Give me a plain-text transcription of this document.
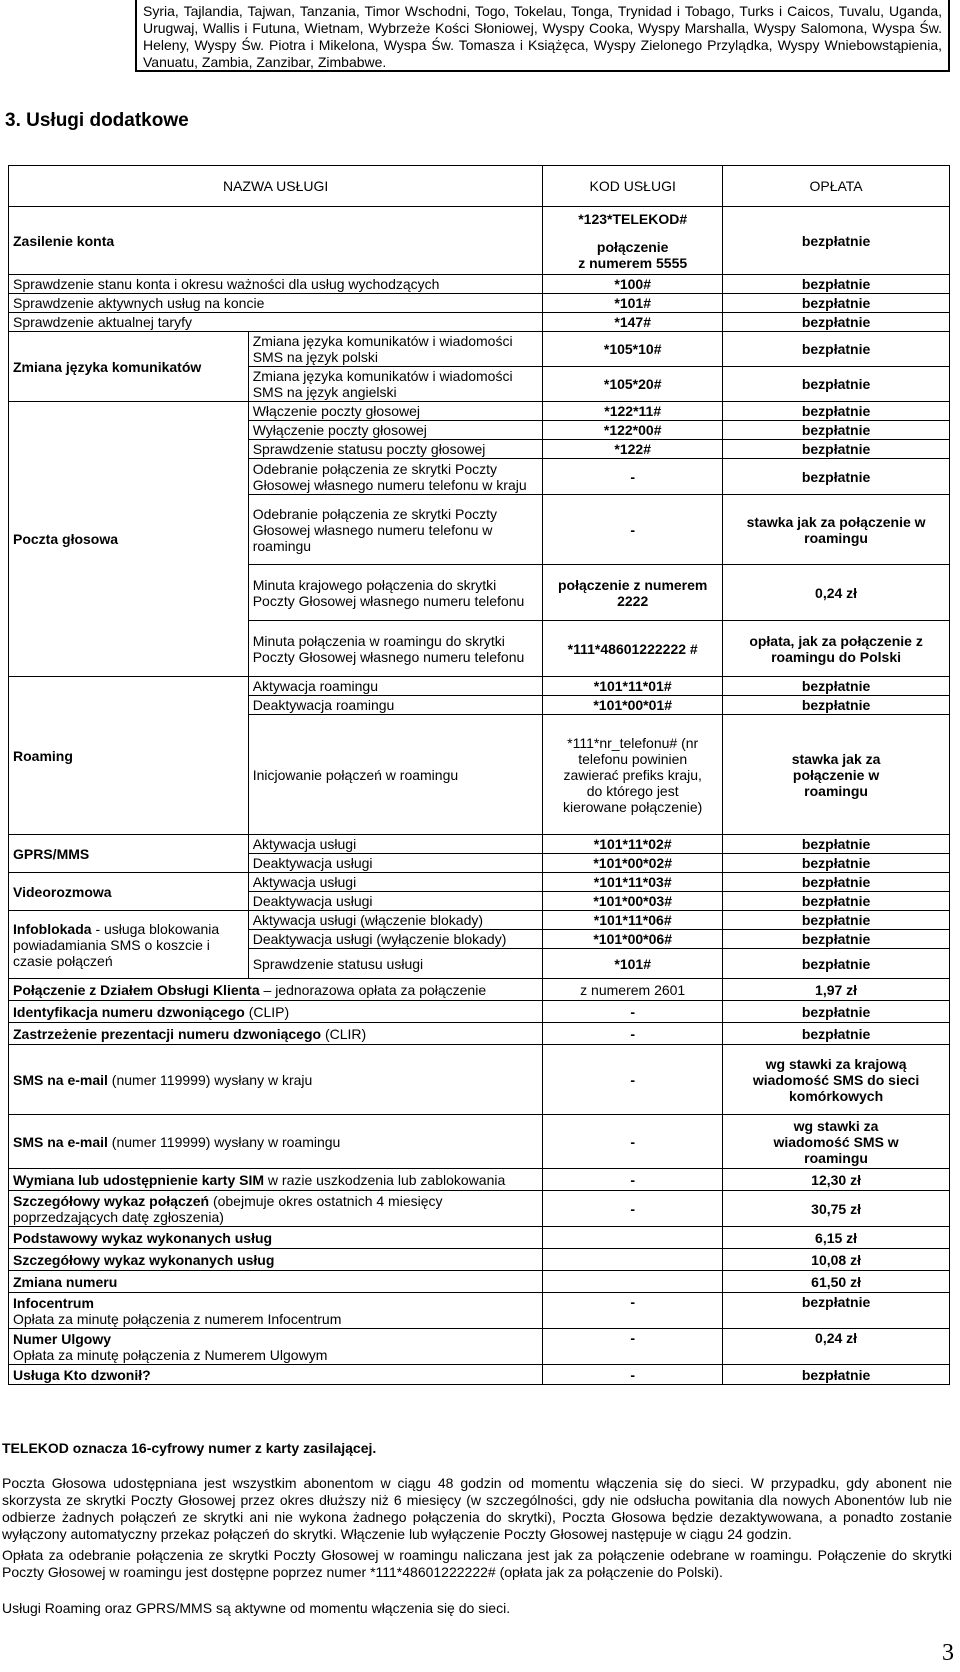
Syria, Tajlandia, Tajwan, Tanzania, Timor Wschodni, Togo, Tokelau, Tonga, Trynidad i Tobago, Turks i Caicos, Tuvalu, Uganda, Urugwaj, Wallis i Futuna, Wietnam, Wybrzeże Kości Słoniowej, Wyspy Cooka, Wyspy Marshalla, Wyspy Salomona, Wyspa Św. Heleny, Wyspy Św. Piotra i Mikelona, Wyspa Św. Tomasza i Książęca, Wyspy Zielonego Przylądka, Wyspy Wniebowstąpienia, Vanuatu, Zambia, Zanzibar, Zimbabwe.
3. Usługi dodatkowe
NAZWA USŁUGI		KOD USŁUGI	OPŁATA
Zasilenie konta		*123*TELEKOD#
połączenie
z numerem 5555	bezpłatnie
Sprawdzenie stanu konta i okresu ważności dla usług wychodzących		*100#	bezpłatnie
Sprawdzenie aktywnych usług na koncie		*101#	bezpłatnie
Sprawdzenie aktualnej taryfy		*147#	bezpłatnie
Zmiana języka komunikatów	Zmiana języka komunikatów i wiadomości SMS na język polski	*105*10#	bezpłatnie
	Zmiana języka komunikatów i wiadomości SMS na język angielski	*105*20#	bezpłatnie
Poczta głosowa	Włączenie poczty głosowej	*122*11#	bezpłatnie
	Wyłączenie poczty głosowej	*122*00#	bezpłatnie
	Sprawdzenie statusu poczty głosowej	*122#	bezpłatnie
	Odebranie połączenia ze skrytki Poczty Głosowej własnego numeru telefonu w kraju	-	bezpłatnie
	Odebranie połączenia ze skrytki Poczty Głosowej własnego numeru telefonu w roamingu	-	stawka jak za połączenie w roamingu
	Minuta krajowego połączenia do skrytki Poczty Głosowej własnego numeru telefonu	połączenie z numerem 2222	0,24 zł
	Minuta połączenia w roamingu do skrytki Poczty Głosowej własnego numeru telefonu	*111*48601222222 #	opłata, jak za połączenie z roamingu do Polski
Roaming	Aktywacja roamingu	*101*11*01#	bezpłatnie
	Deaktywacja roamingu	*101*00*01#	bezpłatnie
	Inicjowanie połączeń w roamingu	*111*nr_telefonu# (nr telefonu powinien zawierać prefiks kraju, do którego jest kierowane połączenie)	stawka jak za połączenie w roamingu
GPRS/MMS	Aktywacja usługi	*101*11*02#	bezpłatnie
	Deaktywacja usługi	*101*00*02#	bezpłatnie
Videorozmowa	Aktywacja usługi	*101*11*03#	bezpłatnie
	Deaktywacja usługi	*101*00*03#	bezpłatnie
Infoblokada - usługa blokowania powiadamiania SMS o koszcie i czasie połączeń	Aktywacja usługi (włączenie blokady)	*101*11*06#	bezpłatnie
	Deaktywacja usługi (wyłączenie blokady)	*101*00*06#	bezpłatnie
	Sprawdzenie statusu usługi	*101#	bezpłatnie
Połączenie z Działem Obsługi Klienta – jednorazowa opłata za połączenie		z numerem 2601	1,97 zł
Identyfikacja numeru dzwoniącego (CLIP)		-	bezpłatnie
Zastrzeżenie prezentacji numeru dzwoniącego (CLIR)		-	bezpłatnie
SMS na e-mail (numer 119999) wysłany w kraju		-	wg stawki za krajową wiadomość SMS do sieci komórkowych
SMS na e-mail (numer 119999) wysłany w roamingu		-	wg stawki za wiadomość SMS w roamingu
Wymiana lub udostępnienie karty SIM w razie uszkodzenia lub zablokowania		-	12,30 zł
Szczegółowy wykaz połączeń (obejmuje okres ostatnich 4 miesięcy poprzedzających datę zgłoszenia)		-	30,75 zł
Podstawowy wykaz wykonanych usług			6,15 zł
Szczegółowy wykaz wykonanych usług			10,08 zł
Zmiana numeru			61,50 zł

Infocentrum
Opłata za minutę połączenia z numerem Infocentrum		-	bezpłatnie

Numer Ulgowy
Opłata za minutę połączenia z Numerem Ulgowym		-	0,24 zł
Usługa Kto dzwonił?		-	bezpłatnie
TELEKOD oznacza 16-cyfrowy numer z karty zasilającej.
Poczta Głosowa udostępniana jest wszystkim abonentom w ciągu 48 godzin od momentu włączenia się do sieci. W przypadku, gdy abonent nie skorzysta ze skrytki Poczty Głosowej przez okres dłuższy niż 6 miesięcy (w szczególności, gdy nie odsłucha powitania dla nowych Abonentów lub nie odbierze żadnych połączeń ze skrytki ani nie wykona żadnego połączenia do skrytki), Poczta Głosowa będzie dezaktywowana, a ponadto zostanie wyłączony automatyczny przekaz połączeń do skrytki. Włączenie lub wyłączenie Poczty Głosowej następuje w ciągu 24 godzin.
Opłata za odebranie połączenia ze skrytki Poczty Głosowej w roamingu naliczana jest jak za połączenie odebrane w roamingu. Połączenie do skrytki Poczty Głosowej w roamingu jest dostępne poprzez numer *111*48601222222# (opłata jak za połączenie do Polski).
Usługi Roaming oraz GPRS/MMS są aktywne od momentu włączenia się do sieci.
3
